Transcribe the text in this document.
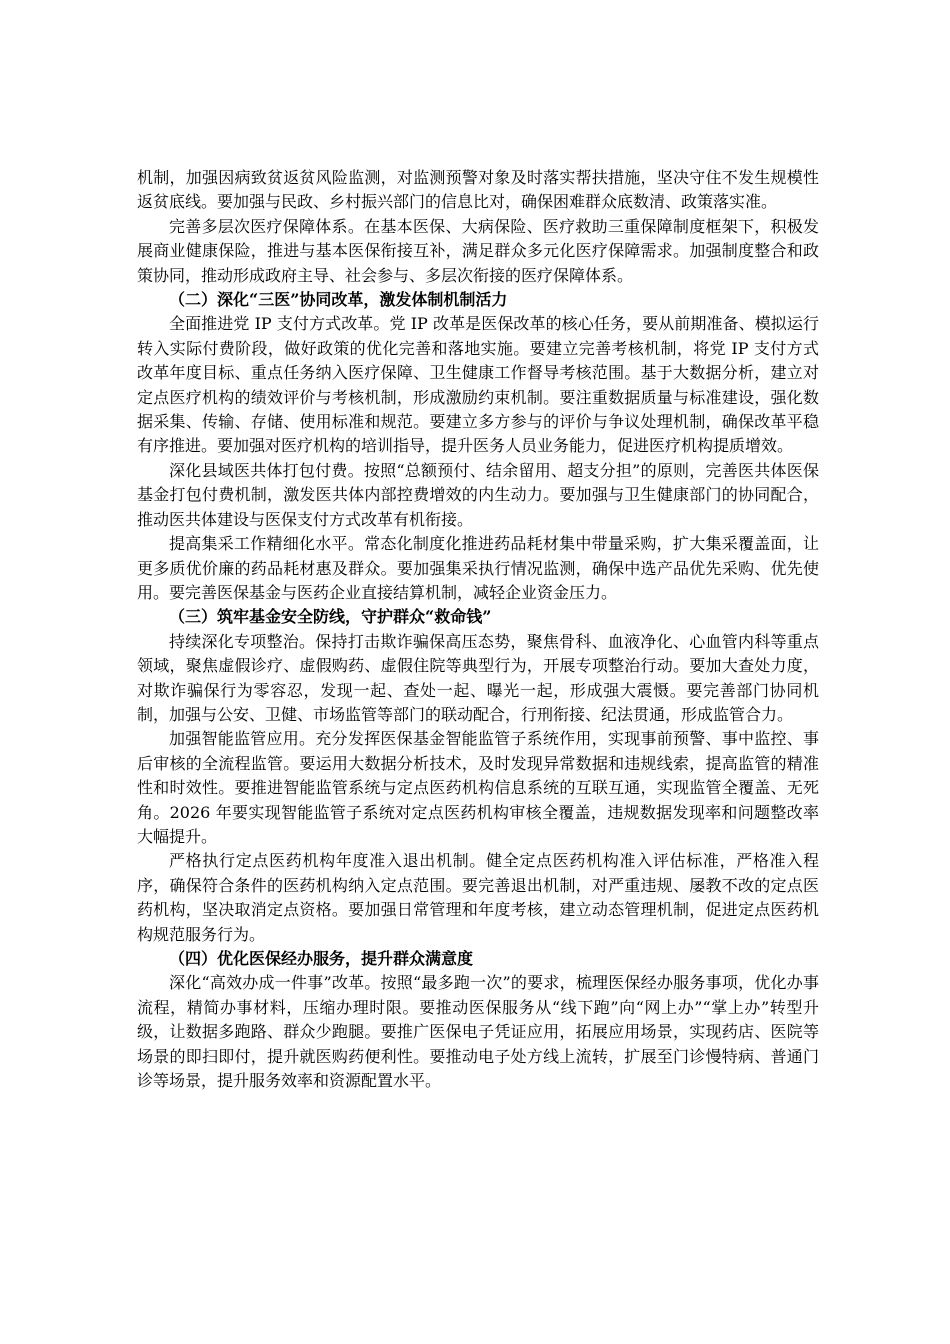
机制，加强因病致贫返贫风险监测，对监测预警对象及时落实帮扶措施，坚决守住不发生规模性返贫底线。要加强与民政、乡村振兴部门的信息比对，确保困难群众底数清、政策落实准。

完善多层次医疗保障体系。在基本医保、大病保险、医疗救助三重保障制度框架下，积极发展商业健康保险，推进与基本医保衔接互补，满足群众多元化医疗保障需求。加强制度整合和政策协同，推动形成政府主导、社会参与、多层次衔接的医疗保障体系。

（二）深化“三医”协同改革，激发体制机制活力

全面推进党 IP 支付方式改革。党 IP 改革是医保改革的核心任务，要从前期准备、模拟运行转入实际付费阶段，做好政策的优化完善和落地实施。要建立完善考核机制，将党 IP 支付方式改革年度目标、重点任务纳入医疗保障、卫生健康工作督导考核范围。基于大数据分析，建立对定点医疗机构的绩效评价与考核机制，形成激励约束机制。要注重数据质量与标准建设，强化数据采集、传输、存储、使用标准和规范。要建立多方参与的评价与争议处理机制，确保改革平稳有序推进。要加强对医疗机构的培训指导，提升医务人员业务能力，促进医疗机构提质增效。

深化县域医共体打包付费。按照“总额预付、结余留用、超支分担”的原则，完善医共体医保基金打包付费机制，激发医共体内部控费增效的内生动力。要加强与卫生健康部门的协同配合，推动医共体建设与医保支付方式改革有机衔接。

提高集采工作精细化水平。常态化制度化推进药品耗材集中带量采购，扩大集采覆盖面，让更多质优价廉的药品耗材惠及群众。要加强集采执行情况监测，确保中选产品优先采购、优先使用。要完善医保基金与医药企业直接结算机制，减轻企业资金压力。

（三）筑牢基金安全防线，守护群众“救命钱”

持续深化专项整治。保持打击欺诈骗保高压态势，聚焦骨科、血液净化、心血管内科等重点领域，聚焦虚假诊疗、虚假购药、虚假住院等典型行为，开展专项整治行动。要加大查处力度，对欺诈骗保行为零容忍，发现一起、查处一起、曝光一起，形成强大震慑。要完善部门协同机制，加强与公安、卫健、市场监管等部门的联动配合，行刑衔接、纪法贯通，形成监管合力。

加强智能监管应用。充分发挥医保基金智能监管子系统作用，实现事前预警、事中监控、事后审核的全流程监管。要运用大数据分析技术，及时发现异常数据和违规线索，提高监管的精准性和时效性。要推进智能监管系统与定点医药机构信息系统的互联互通，实现监管全覆盖、无死角。2026 年要实现智能监管子系统对定点医药机构审核全覆盖，违规数据发现率和问题整改率大幅提升。

严格执行定点医药机构年度准入退出机制。健全定点医药机构准入评估标准，严格准入程序，确保符合条件的医药机构纳入定点范围。要完善退出机制，对严重违规、屡教不改的定点医药机构，坚决取消定点资格。要加强日常管理和年度考核，建立动态管理机制，促进定点医药机构规范服务行为。

（四）优化医保经办服务，提升群众满意度

深化“高效办成一件事”改革。按照“最多跑一次”的要求，梳理医保经办服务事项，优化办事流程，精简办事材料，压缩办理时限。要推动医保服务从“线下跑”向“网上办”“掌上办”转型升级，让数据多跑路、群众少跑腿。要推广医保电子凭证应用，拓展应用场景，实现药店、医院等场景的即扫即付，提升就医购药便利性。要推动电子处方线上流转，扩展至门诊慢特病、普通门诊等场景，提升服务效率和资源配置水平。
